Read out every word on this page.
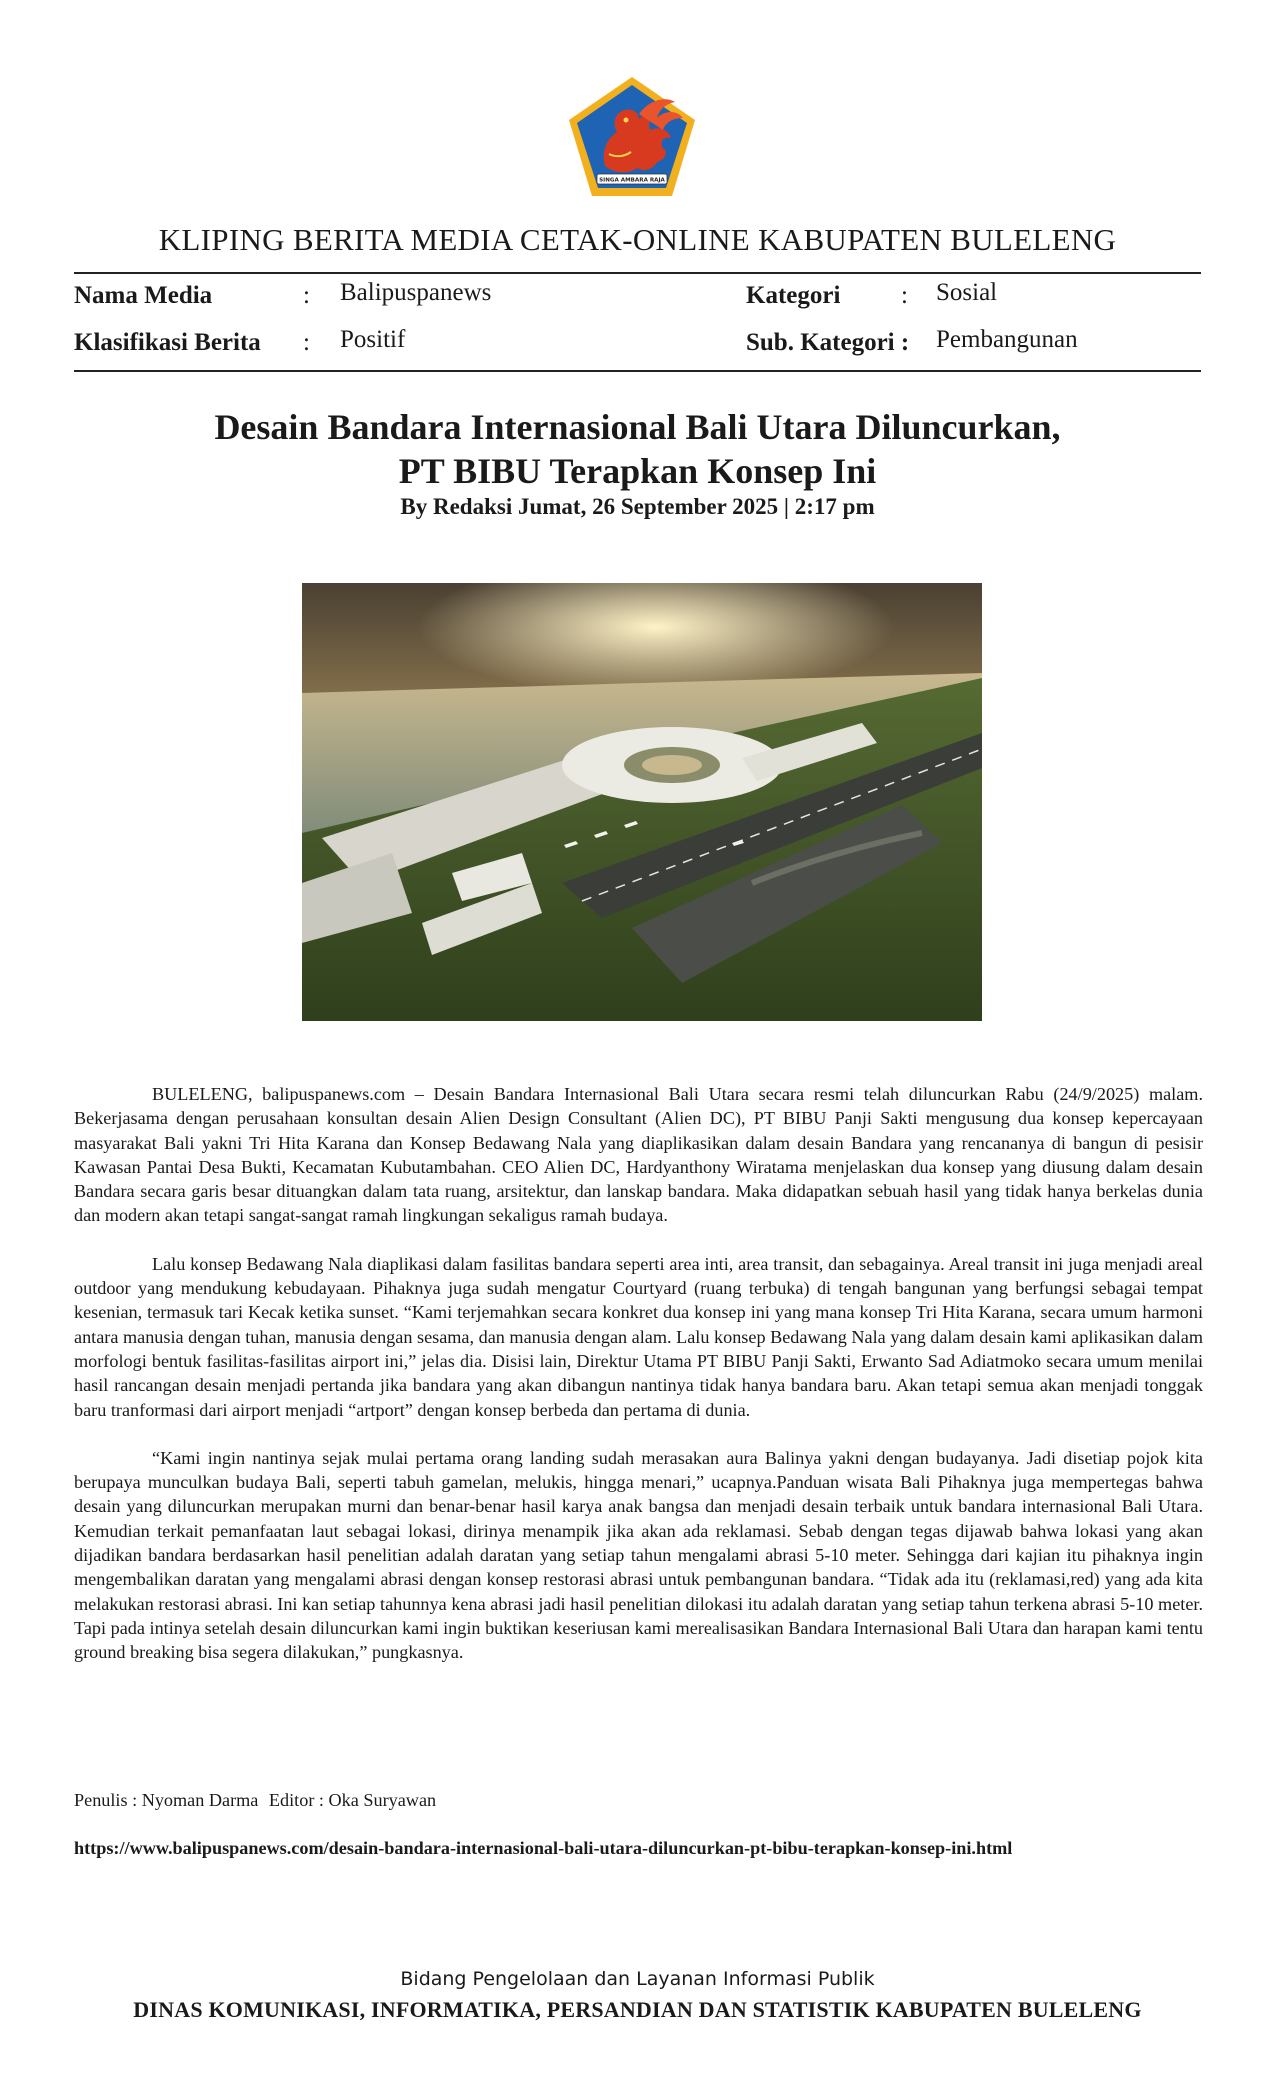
SINGA AMBARA RAJA
KLIPING BERITA MEDIA CETAK-ONLINE KABUPATEN BULELENG
Nama Media	: Balipuspanews
Klasifikasi Berita : Positif
Kategori : Sosial
Sub. Kategori : Pembangunan
Desain Bandara Internasional Bali Utara Diluncurkan,
PT BIBU Terapkan Konsep Ini
By Redaksi Jumat, 26 September 2025 | 2:17 pm

BULELENG, balipuspanews.com – Desain Bandara Internasional Bali Utara secara resmi telah diluncurkan Rabu (24/9/2025) malam. Bekerjasama dengan perusahaan konsultan desain Alien Design Consultant (Alien DC), PT BIBU Panji Sakti mengusung dua konsep kepercayaan masyarakat Bali yakni Tri Hita Karana dan Konsep Bedawang Nala yang diaplikasikan dalam desain Bandara yang rencananya di bangun di pesisir Kawasan Pantai Desa Bukti, Kecamatan Kubutambahan. CEO Alien DC, Hardyanthony Wiratama menjelaskan dua konsep yang diusung dalam desain Bandara secara garis besar dituangkan dalam tata ruang, arsitektur, dan lanskap bandara. Maka didapatkan sebuah hasil yang tidak hanya berkelas dunia dan modern akan tetapi sangat-sangat ramah lingkungan sekaligus ramah budaya.

Lalu konsep Bedawang Nala diaplikasi dalam fasilitas bandara seperti area inti, area transit, dan sebagainya. Areal transit ini juga menjadi areal outdoor yang mendukung kebudayaan. Pihaknya juga sudah mengatur Courtyard (ruang terbuka) di tengah bangunan yang berfungsi sebagai tempat kesenian, termasuk tari Kecak ketika sunset. “Kami terjemahkan secara konkret dua konsep ini yang mana konsep Tri Hita Karana, secara umum harmoni antara manusia dengan tuhan, manusia dengan sesama, dan manusia dengan alam. Lalu konsep Bedawang Nala yang dalam desain kami aplikasikan dalam morfologi bentuk fasilitas-fasilitas airport ini,” jelas dia. Disisi lain, Direktur Utama PT BIBU Panji Sakti, Erwanto Sad Adiatmoko secara umum menilai hasil rancangan desain menjadi pertanda jika bandara yang akan dibangun nantinya tidak hanya bandara baru. Akan tetapi semua akan menjadi tonggak baru tranformasi dari airport menjadi “artport” dengan konsep berbeda dan pertama di dunia.

“Kami ingin nantinya sejak mulai pertama orang landing sudah merasakan aura Balinya yakni dengan budayanya. Jadi disetiap pojok kita berupaya munculkan budaya Bali, seperti tabuh gamelan, melukis, hingga menari,” ucapnya.Panduan wisata Bali Pihaknya juga mempertegas bahwa desain yang diluncurkan merupakan murni dan benar-benar hasil karya anak bangsa dan menjadi desain terbaik untuk bandara internasional Bali Utara. Kemudian terkait pemanfaatan laut sebagai lokasi, dirinya menampik jika akan ada reklamasi. Sebab dengan tegas dijawab bahwa lokasi yang akan dijadikan bandara berdasarkan hasil penelitian adalah daratan yang setiap tahun mengalami abrasi 5-10 meter. Sehingga dari kajian itu pihaknya ingin mengembalikan daratan yang mengalami abrasi dengan konsep restorasi abrasi untuk pembangunan bandara. “Tidak ada itu (reklamasi,red) yang ada kita melakukan restorasi abrasi. Ini kan setiap tahunnya kena abrasi jadi hasil penelitian dilokasi itu adalah daratan yang setiap tahun terkena abrasi 5-10 meter. Tapi pada intinya setelah desain diluncurkan kami ingin buktikan keseriusan kami merealisasikan Bandara Internasional Bali Utara dan harapan kami tentu ground breaking bisa segera dilakukan,” pungkasnya.

Penulis : Nyoman Darma Editor : Oka Suryawan
https://www.balipuspanews.com/desain-bandara-internasional-bali-utara-diluncurkan-pt-bibu-terapkan-konsep-ini.html
Bidang Pengelolaan dan Layanan Informasi Publik
DINAS KOMUNIKASI, INFORMATIKA, PERSANDIAN DAN STATISTIK KABUPATEN BULELENG
